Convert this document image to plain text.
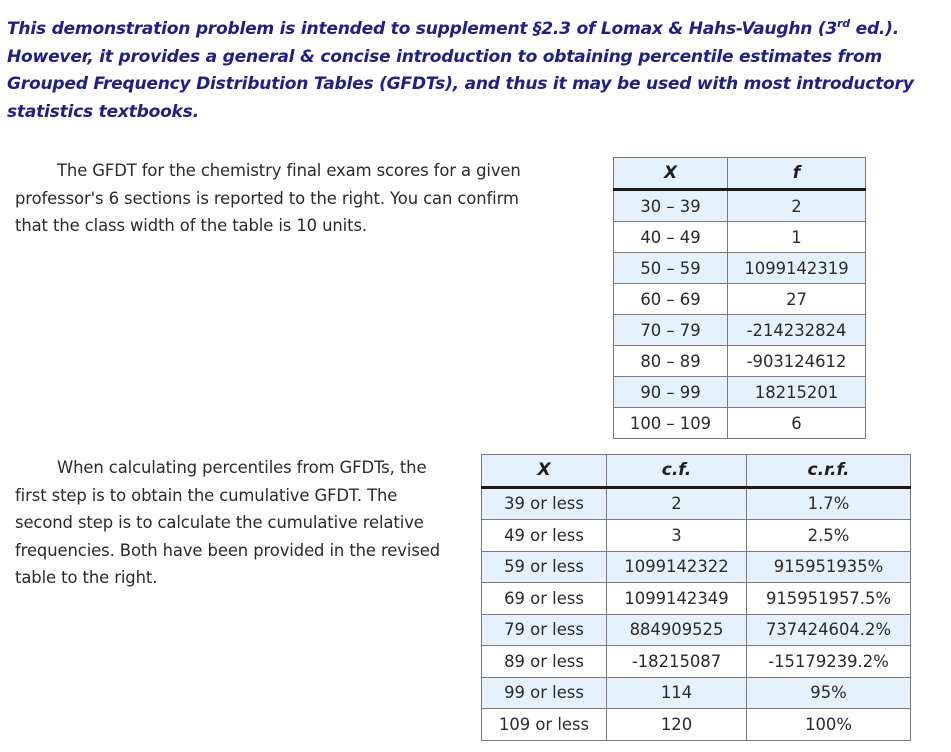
This demonstration problem is intended to supplement §2.3 of Lomax & Hahs-Vaughn (3rd ed.). However, it provides a general & concise introduction to obtaining percentile estimates from Grouped Frequency Distribution Tables (GFDTs), and thus it may be used with most introductory statistics textbooks.
The GFDT for the chemistry final exam scores for a given professor's 6 sections is reported to the right. You can confirm that the class width of the table is 10 units.
When calculating percentiles from GFDTs, the first step is to obtain the cumulative GFDT. The second step is to calculate the cumulative relative frequencies. Both have been provided in the revised table to the right.
X	f
30 – 39	2
40 – 49	1
50 – 59	1099142319
60 – 69	27
70 – 79	-214232824
80 – 89	-903124612
90 – 99	18215201
100 – 109	6
X	c.f.	c.r.f.
39 or less	2	1.7%
49 or less	3	2.5%
59 or less	1099142322	915951935%
69 or less	1099142349	915951957.5%
79 or less	884909525	737424604.2%
89 or less	-18215087	-15179239.2%
99 or less	114	95%
109 or less	120	100%
